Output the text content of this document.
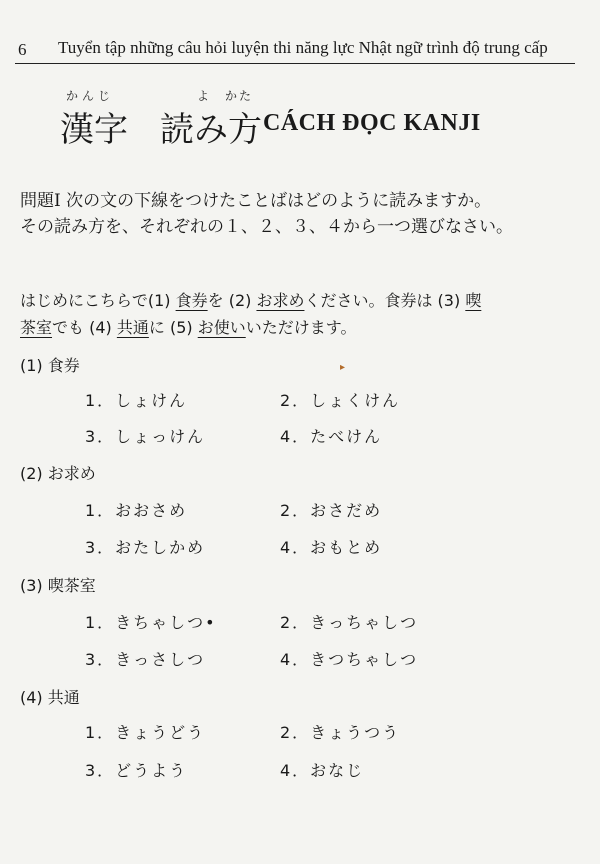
6 Tuyển tập những câu hỏi luyện thi năng lực Nhật ngữ trình độ trung cấp
かんじ	よ かた
漢字 読み方 CÁCH ĐỌC KANJI
問題Ⅰ 次の文の下線をつけたことばはどのように読みますか。
その読み方を、それぞれの１、２、３、４から一つ選びなさい。
はじめにこちらで(1) 食券を (2) お求めください。食券は (3) 喫
茶室でも (4) 共通に (5) お使いいただけます。
(1) 食券
1．しょけん	2．しょくけん
3．しょっけん	4．たべけん
(2) お求め
1．おおさめ	2．おさだめ
3．おたしかめ	4．おもとめ
(3) 喫茶室
1．きちゃしつ•	2．きっちゃしつ
3．きっさしつ	4．きつちゃしつ
(4) 共通
1．きょうどう	2．きょうつう
3．どうよう	4．おなじ
▸
